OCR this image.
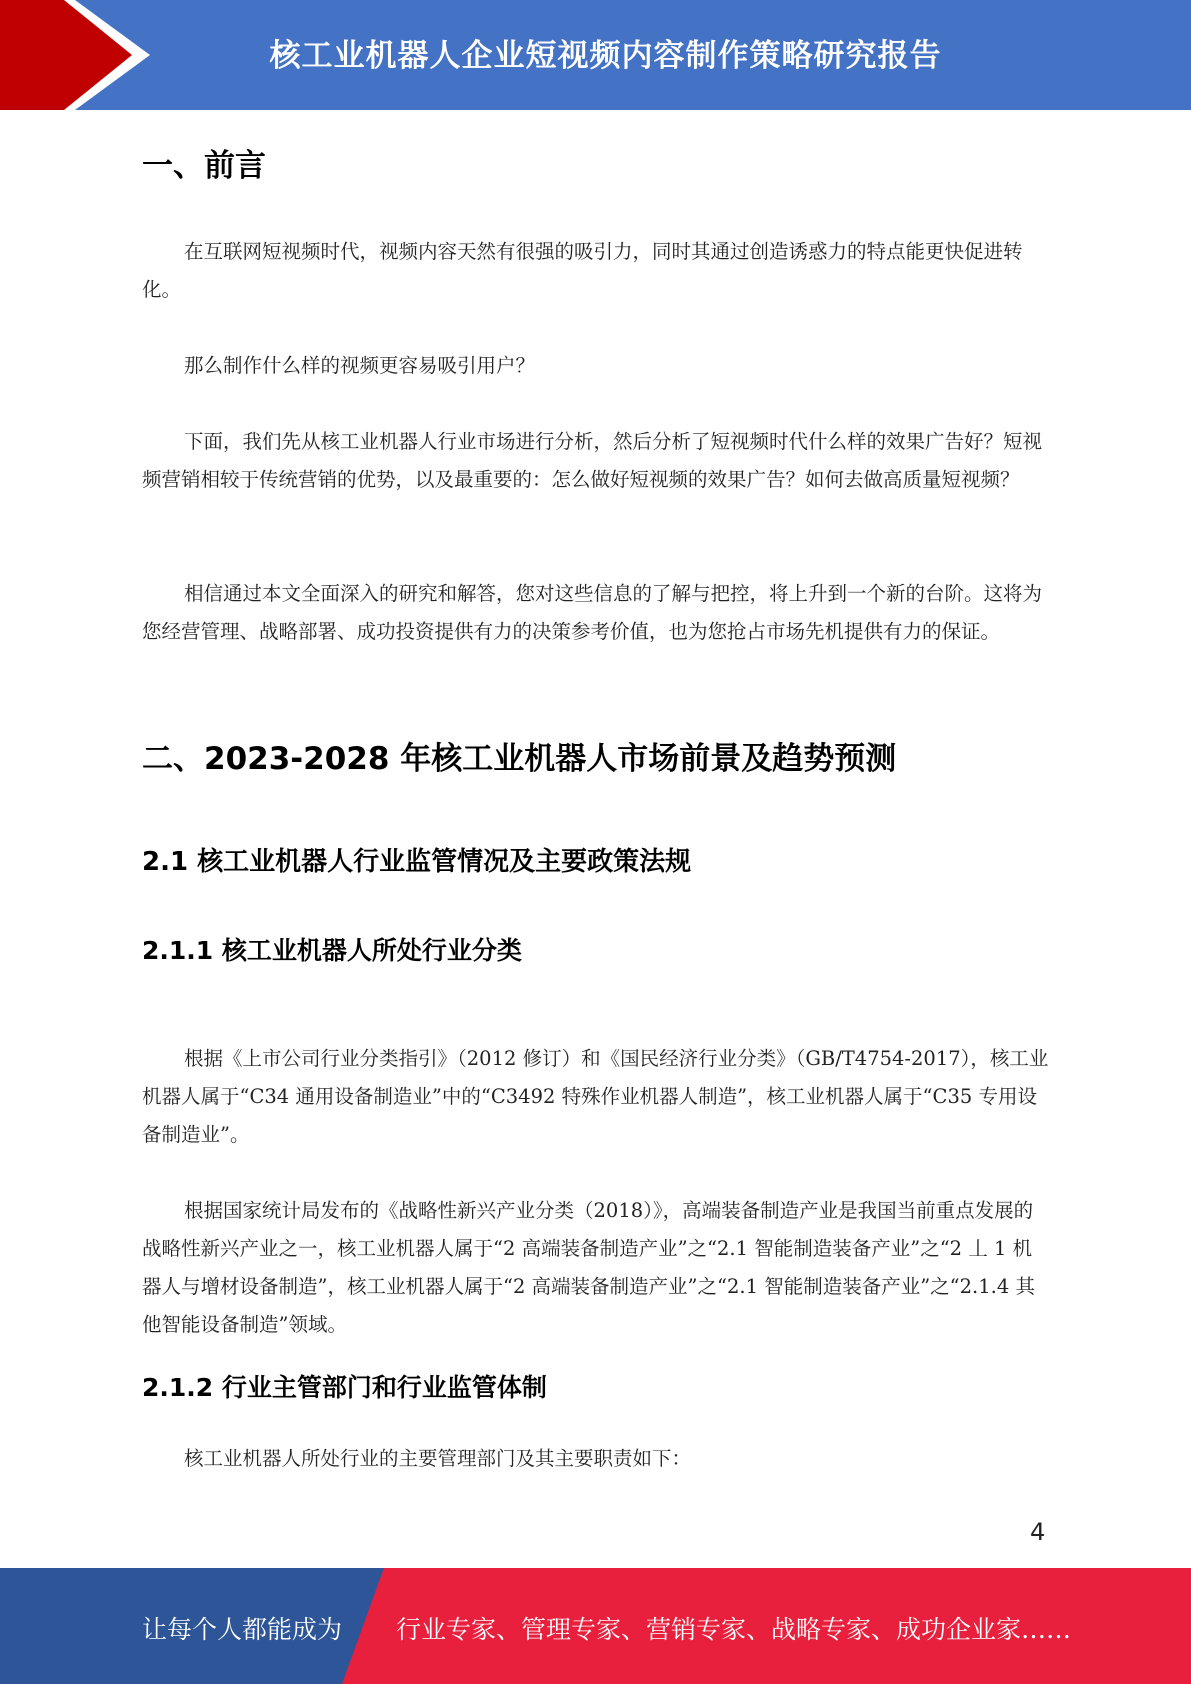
核工业机器人企业短视频内容制作策略研究报告
一、前言

在互联网短视频时代，视频内容天然有很强的吸引力，同时其通过创造诱惑力的特点能更快促进转化。

那么制作什么样的视频更容易吸引用户？

下面，我们先从核工业机器人行业市场进行分析，然后分析了短视频时代什么样的效果广告好？短视频营销相较于传统营销的优势，以及最重要的：怎么做好短视频的效果广告？如何去做高质量短视频？

相信通过本文全面深入的研究和解答，您对这些信息的了解与把控，将上升到一个新的台阶。这将为您经营管理、战略部署、成功投资提供有力的决策参考价值，也为您抢占市场先机提供有力的保证。

二、2023-2028 年核工业机器人市场前景及趋势预测
2.1 核工业机器人行业监管情况及主要政策法规
2.1.1 核工业机器人所处行业分类

根据《上市公司行业分类指引》（2012 修订）和《国民经济行业分类》（GB/T4754-2017），核工业机器人属于“C34 通用设备制造业”中的“C3492 特殊作业机器人制造”，核工业机器人属于“C35 专用设备制造业”。

根据国家统计局发布的《战略性新兴产业分类（2018）》，高端装备制造产业是我国当前重点发展的战略性新兴产业之一，核工业机器人属于“2 高端装备制造产业”之“2.1 智能制造装备产业”之“2 丄 1 机器人与增材设备制造”，核工业机器人属于“2 高端装备制造产业”之“2.1 智能制造装备产业”之“2.1.4 其他智能设备制造”领域。

2.1.2 行业主管部门和行业监管体制

核工业机器人所处行业的主要管理部门及其主要职责如下：

4
让每个人都能成为 行业专家、管理专家、营销专家、战略专家、成功企业家……
